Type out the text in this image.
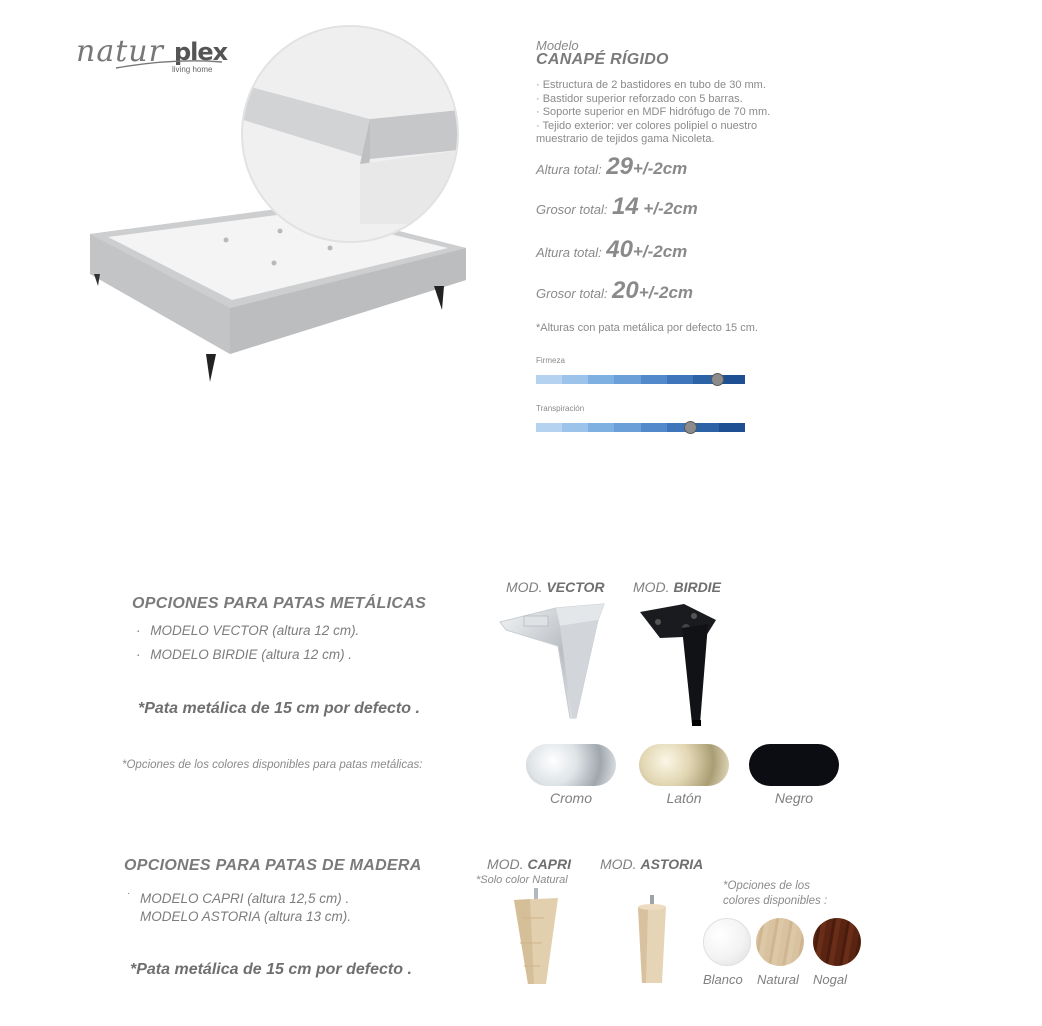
natur plex
living home
Modelo
CANAPÉ RÍGIDO
· Estructura de 2 bastidores en tubo de 30 mm.
· Bastidor superior reforzado con 5 barras.
· Soporte superior en MDF hidrófugo de 70 mm.
· Tejido exterior: ver colores polipiel o nuestro
muestrario de tejidos gama Nicoleta.
Altura total: 29+/-2cm
Grosor total: 14 +/-2cm
Altura total: 40+/-2cm
Grosor total: 20+/-2cm
*Alturas con pata metálica por defecto 15 cm.
Firmeza
Transpiración
OPCIONES PARA PATAS METÁLICAS
· MODELO VECTOR (altura 12 cm).
· MODELO BIRDIE (altura 12 cm) .
*Pata metálica de 15 cm por defecto .
MOD. VECTOR MOD. BIRDIE
*Opciones de los colores disponibles para patas metálicas:
Cromo	Latón	Negro
OPCIONES PARA PATAS DE MADERA
· MODELO CAPRI (altura 12,5 cm) .
MODELO ASTORIA (altura 13 cm).
*Pata metálica de 15 cm por defecto .
MOD. CAPRI
*Solo color Natural
MOD. ASTORIA
*Opciones de los
colores disponibles :
Blanco Natural Nogal
